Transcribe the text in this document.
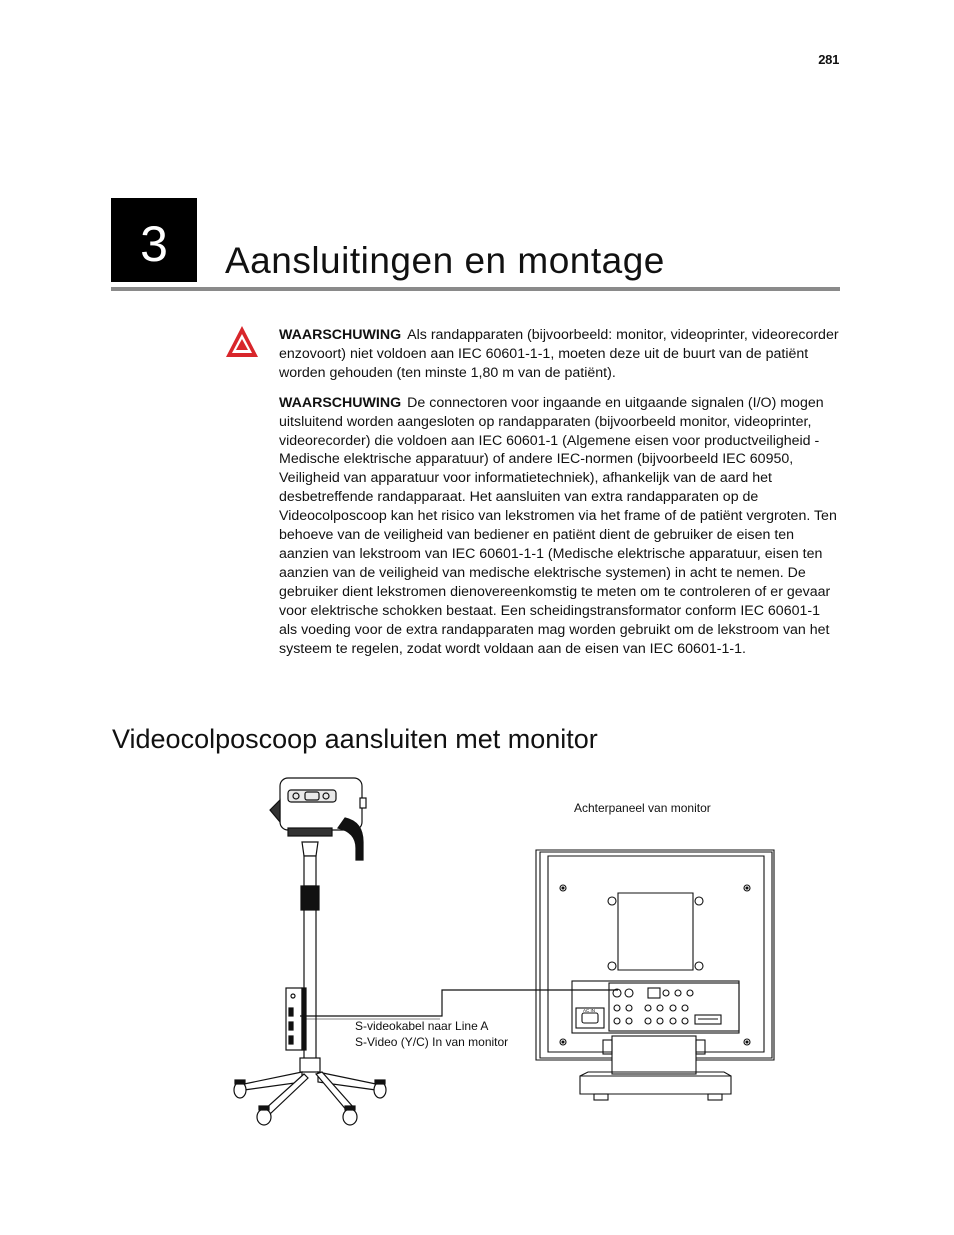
281
3 Aansluitingen en montage

WAARSCHUWING Als randapparaten (bijvoorbeeld: monitor, videoprinter, videorecorder enzovoort) niet voldoen aan IEC 60601-1-1, moeten deze uit de buurt van de patiënt worden gehouden (ten minste 1,80 m van de patiënt).

WAARSCHUWING De connectoren voor ingaande en uitgaande signalen (I/O) mogen uitsluitend worden aangesloten op randapparaten (bijvoorbeeld monitor, videoprinter, videorecorder) die voldoen aan IEC 60601-1 (Algemene eisen voor productveiligheid - Medische elektrische apparatuur) of andere IEC-normen (bijvoorbeeld IEC 60950, Veiligheid van apparatuur voor informatietechniek), afhankelijk van de aard het desbetreffende randapparaat. Het aansluiten van extra randapparaten op de Videocolposcoop kan het risico van lekstromen via het frame of de patiënt vergroten. Ten behoeve van de veiligheid van bediener en patiënt dient de gebruiker de eisen ten aanzien van lekstroom van IEC 60601-1-1 (Medische elektrische apparatuur, eisen ten aanzien van de veiligheid van medische elektrische systemen) in acht te nemen. De gebruiker dient lekstromen dienovereenkomstig te meten om te controleren of er gevaar voor elektrische schokken bestaat. Een scheidingstransformator conform IEC 60601-1 als voeding voor de extra randapparaten mag worden gebruikt om de lekstroom van het systeem te regelen, zodat wordt voldaan aan de eisen van IEC 60601-1-1.

Videocolposcoop aansluiten met monitor
AC IN
Achterpaneel van monitor
S-videokabel naar Line A
S-Video (Y/C) In van monitor
